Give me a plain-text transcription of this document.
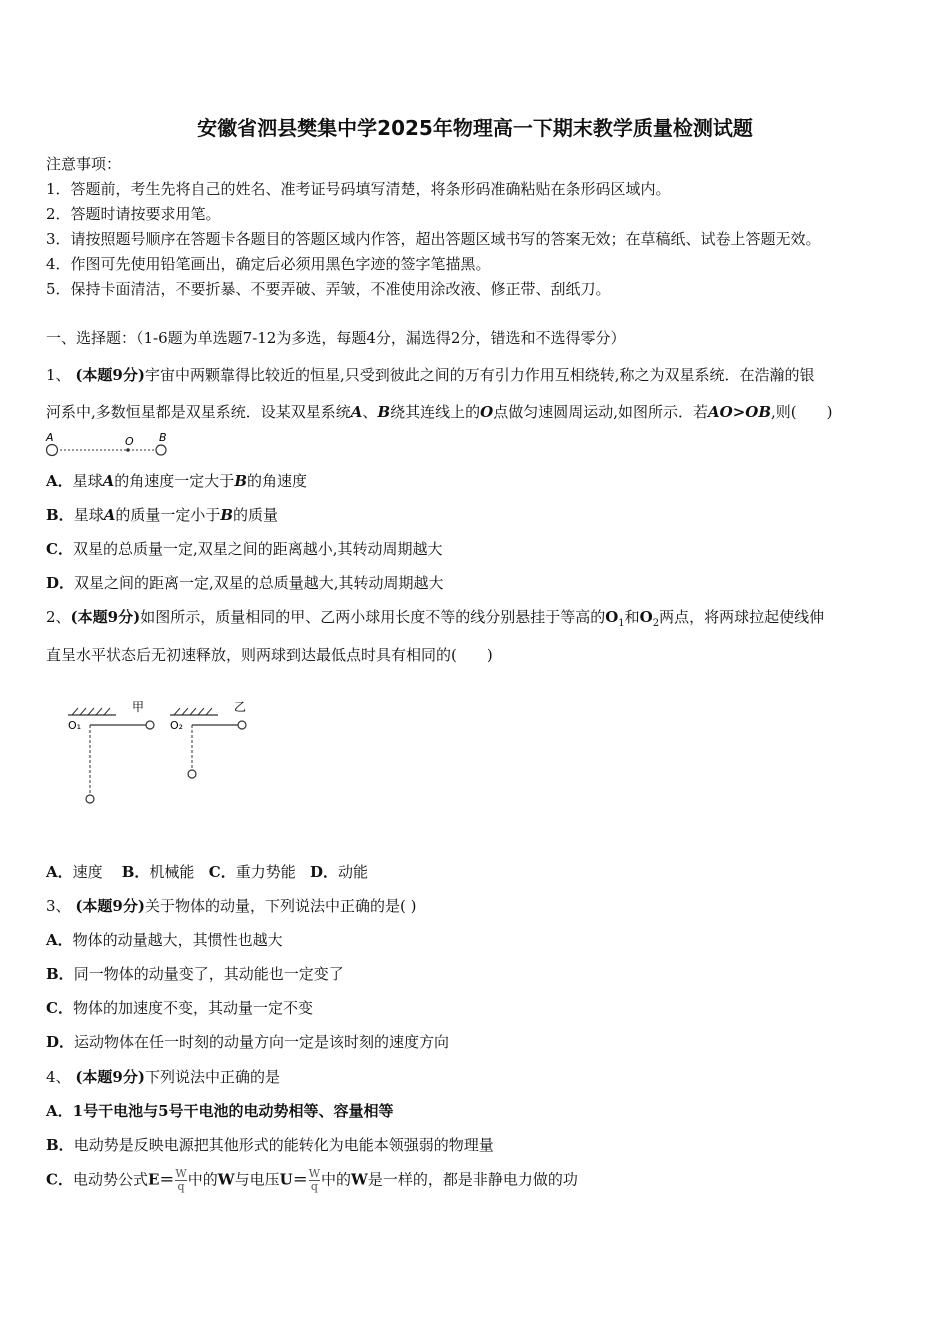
安徽省泗县樊集中学2025年物理高一下期末教学质量检测试题
注意事项：
1．答题前，考生先将自己的姓名、准考证号码填写清楚，将条形码准确粘贴在条形码区域内。
2．答题时请按要求用笔。
3．请按照题号顺序在答题卡各题目的答题区域内作答，超出答题区域书写的答案无效；在草稿纸、试卷上答题无效。
4．作图可先使用铅笔画出，确定后必须用黑色字迹的签字笔描黑。
5．保持卡面清洁，不要折暴、不要弄破、弄皱，不准使用涂改液、修正带、刮纸刀。
一、选择题：（1-6题为单选题7-12为多选，每题4分，漏选得2分，错选和不选得零分）
1、 (本题9分)宇宙中两颗靠得比较近的恒星,只受到彼此之间的万有引力作用互相绕转,称之为双星系统．在浩瀚的银
河系中,多数恒星都是双星系统．设某双星系统A、B绕其连线上的O点做匀速圆周运动,如图所示．若AO>OB,则(　　)
A	O B
A．星球A的角速度一定大于B的角速度
B．星球A的质量一定小于B的质量
C．双星的总质量一定,双星之间的距离越小,其转动周期越大
D．双星之间的距离一定,双星的总质量越大,其转动周期越大
2、(本题9分)如图所示，质量相同的甲、乙两小球用长度不等的线分别悬挂于等高的$O_1$和$O_2$两点，将两球拉起使线伸
直呈水平状态后无初速释放，则两球到达最低点时具有相同的(　　)
O₁
甲
O₂
乙
A．速度 B．机械能 C．重力势能 D．动能
3、 (本题9分)关于物体的动量，下列说法中正确的是( )
A．物体的动量越大，其惯性也越大
B．同一物体的动量变了，其动能也一定变了
C．物体的加速度不变，其动量一定不变
D．运动物体在任一时刻的动量方向一定是该时刻的速度方向
4、 (本题9分)下列说法中正确的是
A．1号干电池与5号干电池的电动势相等、容量相等
B．电动势是反映电源把其他形式的能转化为电能本领强弱的物理量
C．电动势公式$E= \frac{W}{q}$ 中的W与电压$U= \frac{W}{q}$ 中的W是一样的，都是非静电力做的功
